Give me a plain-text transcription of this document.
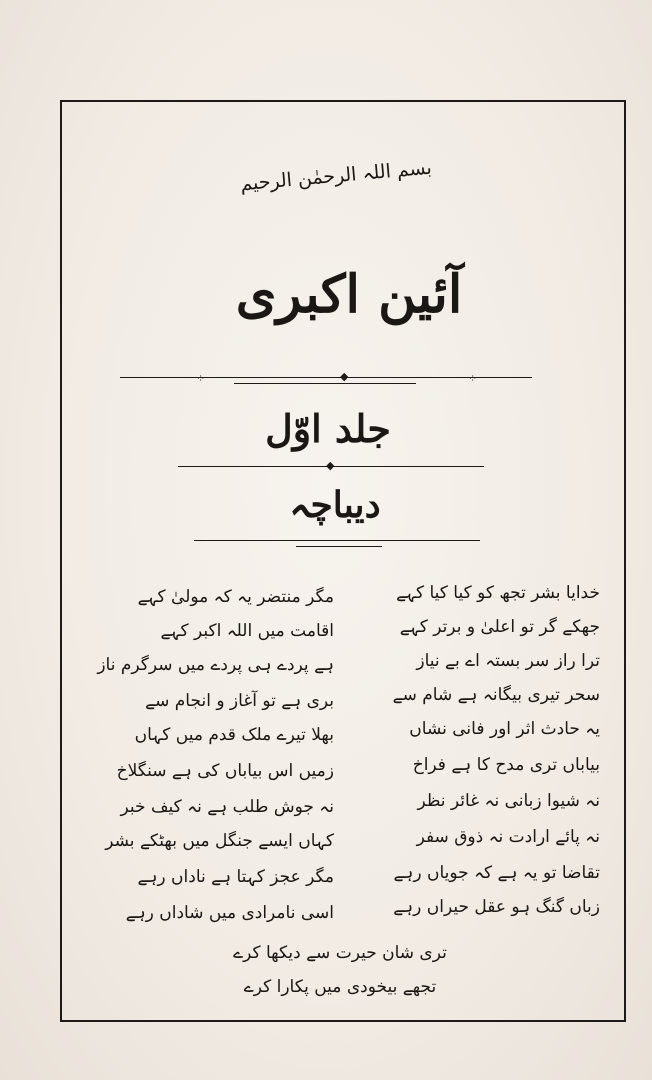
بسم اللہ الرحمٰن الرحیم
آئین اکبری
◆
⁘	⁘
جلد اوّل
◆
دیباچہ
خدایا بشر تجھ کو کیا کیا کہے
جھکے گر تو اعلیٰ و برتر کہے
ترا راز سر بستہ اے بے نیاز
سحر تیری بیگانہ ہے شام سے
یہ حادث اثر اور فانی نشاں
بیاباں تری مدح کا ہے فراخ
نہ شیوا زبانی نہ غائر نظر
نہ پائے ارادت نہ ذوق سفر
تقاضا تو یہ ہے کہ جویاں رہے
زباں گنگ ہو عقل حیراں رہے
مگر منتضر یہ کہ مولیٰ کہے
اقامت میں اللہ اکبر کہے
ہے پردے ہی پردے میں سرگرم ناز
بری ہے تو آغاز و انجام سے
بھلا تیرے ملک قدم میں کہاں
زمیں اس بیاباں کی ہے سنگلاخ
نہ جوش طلب ہے نہ کیف خبر
کہاں ایسے جنگل میں بھٹکے بشر
مگر عجز کہتا ہے ناداں رہے
اسی نامرادی میں شاداں رہے
تری شان حیرت سے دیکھا کرے
تجھے بیخودی میں پکارا کرے
